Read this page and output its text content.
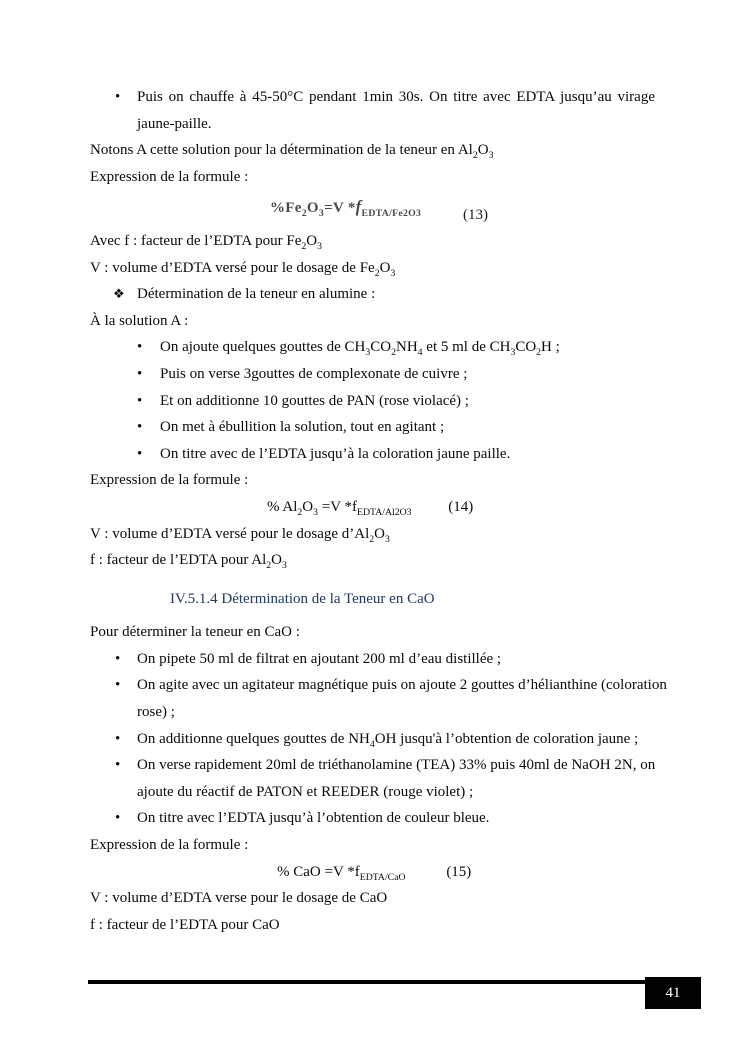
• Puis on chauffe à 45-50°C pendant 1min 30s. On titre avec EDTA jusqu’au virage
jaune-paille.
Notons A cette solution pour la détermination de la teneur en $Al_2O_3$
Expression de la formule :
$\%Fe_2O_3=V$ $*f_{EDTA/Fe2O3}$	(13)
Avec f : facteur de l’EDTA pour $Fe_2O_3$
V : volume d’EDTA versé pour le dosage de $Fe_2O_3$
❖ Détermination de la teneur en alumine :
À la solution A :
• On ajoute quelques gouttes de $CH_3CO_2NH_4$ et 5 ml de $CH_3CO_2H$ ;
• Puis on verse 3gouttes de complexonate de cuivre ;
• Et on additionne 10 gouttes de PAN (rose violacé) ;
• On met à ébullition la solution, tout en agitant ;
• On titre avec de l’EDTA jusqu’à la coloration jaune paille.
Expression de la formule :
% $Al_2O_3 =V$ $*f_{EDTA/Al2O3}$ (14)
V : volume d’EDTA versé pour le dosage $d’Al_2O_3$
f : facteur de l’EDTA pour $Al_2O_3$
IV.5.1.4 Détermination de la Teneur en CaO
Pour déterminer la teneur en CaO :
• On pipete 50 ml de filtrat en ajoutant 200 ml d’eau distillée ;
• On agite avec un agitateur magnétique puis on ajoute 2 gouttes d’hélianthine (coloration
rose) ;
• On additionne quelques gouttes de $NH_4OH$ jusqu'à l’obtention de coloration jaune ;
• On verse rapidement 20ml de triéthanolamine (TEA) 33% puis 40ml de NaOH 2N, on
ajoute du réactif de PATON et REEDER (rouge violet) ;
• On titre avec l’EDTA jusqu’à l’obtention de couleur bleue.
Expression de la formule :
% CaO =V $*f_{EDTA/CaO}$	(15)
V : volume d’EDTA verse pour le dosage de CaO
f : facteur de l’EDTA pour CaO
41
